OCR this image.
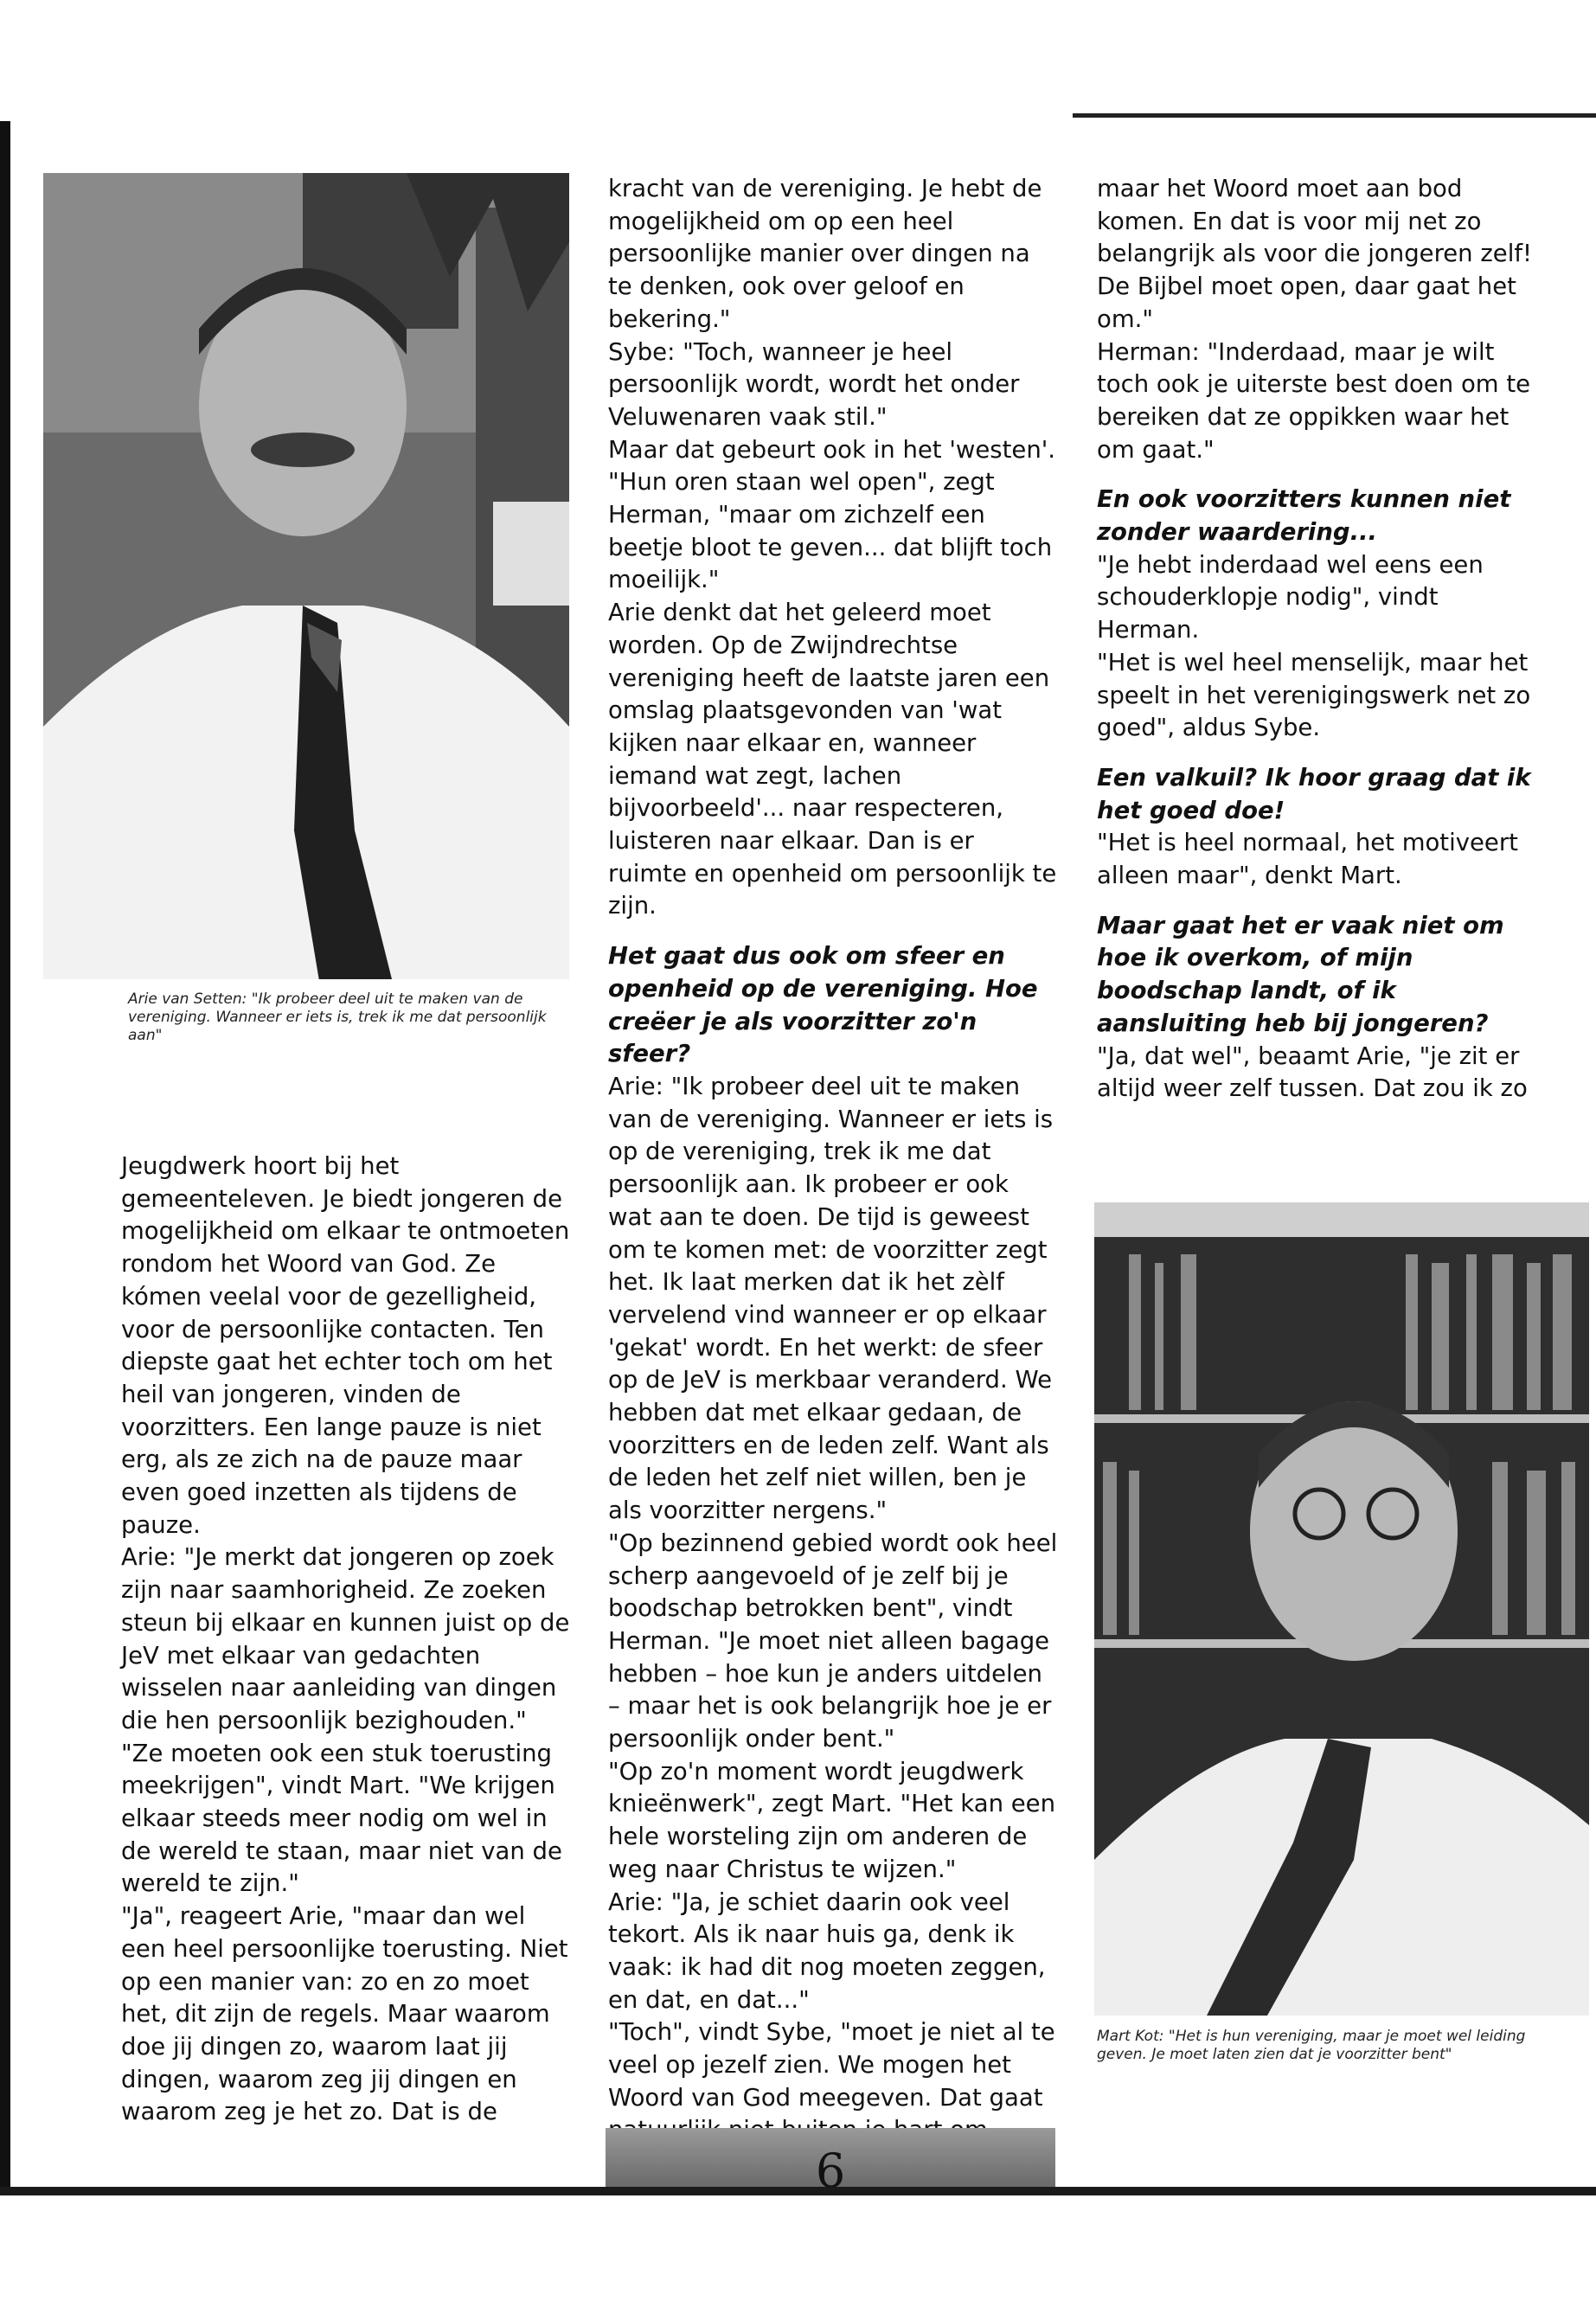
Arie van Setten: "Ik probeer deel uit te maken van de vereniging. Wanneer er iets is, trek ik me dat persoonlijk aan"
Mart Kot: "Het is hun vereniging, maar je moet wel leiding geven. Je moet laten zien dat je voorzitter bent"

Jeugdwerk hoort bij het gemeenteleven. Je biedt jongeren de mogelijkheid om elkaar te ontmoeten rondom het Woord van God. Ze kómen veelal voor de gezelligheid, voor de persoonlijke contacten. Ten diepste gaat het echter toch om het heil van jongeren, vinden de voorzitters. Een lange pauze is niet erg, als ze zich na de pauze maar even goed inzetten als tijdens de pauze.

Arie: "Je merkt dat jongeren op zoek zijn naar saamhorigheid. Ze zoeken steun bij elkaar en kunnen juist op de JeV met elkaar van gedachten wisselen naar aanleiding van dingen die hen persoonlijk bezighouden."

"Ze moeten ook een stuk toerusting meekrijgen", vindt Mart. "We krijgen elkaar steeds meer nodig om wel in de wereld te staan, maar niet van de wereld te zijn."

"Ja", reageert Arie, "maar dan wel een heel persoonlijke toerusting. Niet op een manier van: zo en zo moet het, dit zijn de regels. Maar waarom doe jij dingen zo, waarom laat jij dingen, waarom zeg jij dingen en waarom zeg je het zo. Dat is de

kracht van de vereniging. Je hebt de mogelijkheid om op een heel persoonlijke manier over dingen na te denken, ook over geloof en bekering."

Sybe: "Toch, wanneer je heel persoonlijk wordt, wordt het onder Veluwenaren vaak stil."

Maar dat gebeurt ook in het 'westen'. "Hun oren staan wel open", zegt Herman, "maar om zichzelf een beetje bloot te geven... dat blijft toch moeilijk."

Arie denkt dat het geleerd moet worden. Op de Zwijndrechtse vereniging heeft de laatste jaren een omslag plaatsgevonden van 'wat kijken naar elkaar en, wanneer iemand wat zegt, lachen bijvoorbeeld'... naar respecteren, luisteren naar elkaar. Dan is er ruimte en openheid om persoonlijk te zijn.

Het gaat dus ook om sfeer en openheid op de vereniging. Hoe creëer je als voorzitter zo'n sfeer?

Arie: "Ik probeer deel uit te maken van de vereniging. Wanneer er iets is op de vereniging, trek ik me dat persoonlijk aan. Ik probeer er ook wat aan te doen. De tijd is geweest om te komen met: de voorzitter zegt het. Ik laat merken dat ik het zèlf vervelend vind wanneer er op elkaar 'gekat' wordt. En het werkt: de sfeer op de JeV is merkbaar veranderd. We hebben dat met elkaar gedaan, de voorzitters en de leden zelf. Want als de leden het zelf niet willen, ben je als voorzitter nergens."

"Op bezinnend gebied wordt ook heel scherp aangevoeld of je zelf bij je boodschap betrokken bent", vindt Herman. "Je moet niet alleen bagage hebben – hoe kun je anders uitdelen – maar het is ook belangrijk hoe je er persoonlijk onder bent."

"Op zo'n moment wordt jeugdwerk knieënwerk", zegt Mart. "Het kan een hele worsteling zijn om anderen de weg naar Christus te wijzen."

Arie: "Ja, je schiet daarin ook veel tekort. Als ik naar huis ga, denk ik vaak: ik had dit nog moeten zeggen, en dat, en dat..."

"Toch", vindt Sybe, "moet je niet al te veel op jezelf zien. We mogen het Woord van God meegeven. Dat gaat

maar het Woord moet aan bod komen. En dat is voor mij net zo belangrijk als voor die jongeren zelf! De Bijbel moet open, daar gaat het om."

Herman: "Inderdaad, maar je wilt toch ook je uiterste best doen om te bereiken dat ze oppikken waar het om gaat."

En ook voorzitters kunnen niet zonder waardering...

"Je hebt inderdaad wel eens een schouderklopje nodig", vindt Herman.

"Het is wel heel menselijk, maar het speelt in het verenigingswerk net zo goed", aldus Sybe.

Een valkuil? Ik hoor graag dat ik het goed doe!

"Het is heel normaal, het motiveert alleen maar", denkt Mart.

Maar gaat het er vaak niet om hoe ik overkom, of mijn boodschap landt, of ik aansluiting heb bij jongeren?

"Ja, dat wel", beaamt Arie, "je zit er altijd weer zelf tussen. Dat zou ik zo

6
